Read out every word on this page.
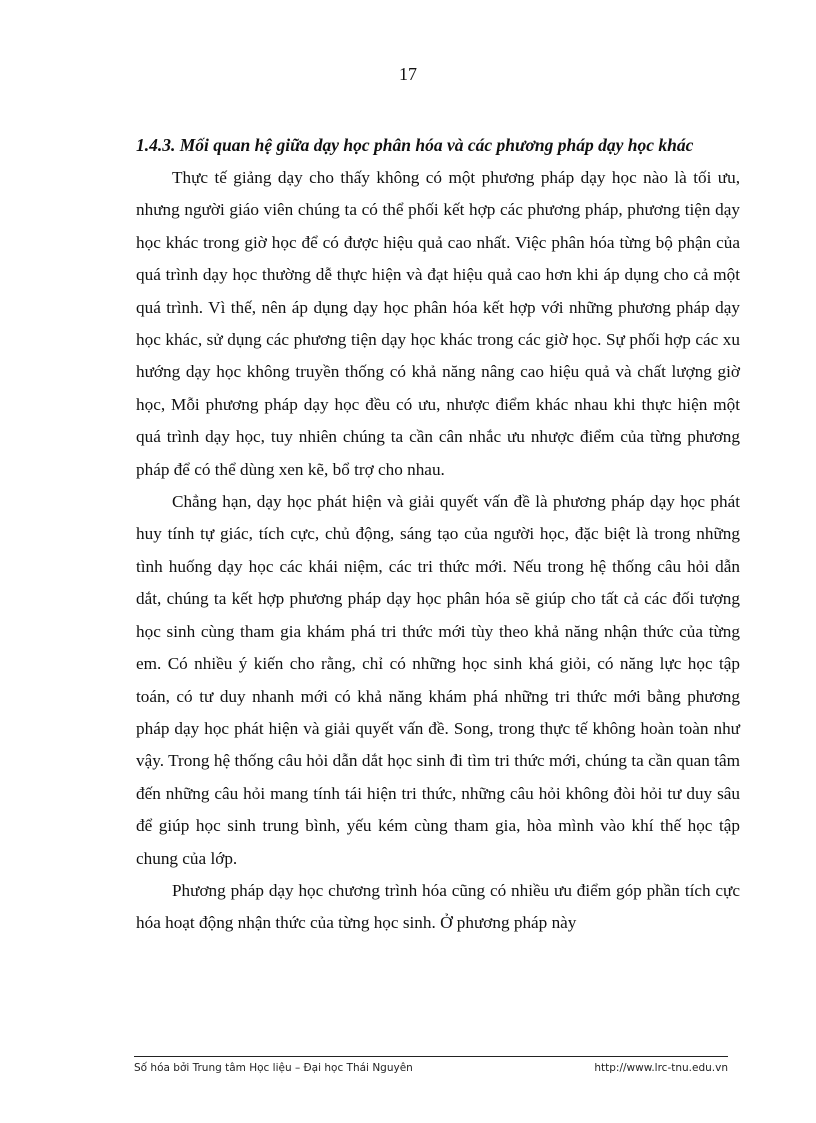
17

1.4.3. Mối quan hệ giữa dạy học phân hóa và các phương pháp dạy học khác

Thực tế giảng dạy cho thấy không có một phương pháp dạy học nào là tối ưu, nhưng người giáo viên chúng ta có thể phối kết hợp các phương pháp, phương tiện dạy học khác trong giờ học để có được hiệu quả cao nhất. Việc phân hóa từng bộ phận của quá trình dạy học thường dễ thực hiện và đạt hiệu quả cao hơn khi áp dụng cho cả một quá trình. Vì thế, nên áp dụng dạy học phân hóa kết hợp với những phương pháp dạy học khác, sử dụng các phương tiện dạy học khác trong các giờ học. Sự phối hợp các xu hướng dạy học không truyền thống có khả năng nâng cao hiệu quả và chất lượng giờ học, Mỗi phương pháp dạy học đều có ưu, nhược điểm khác nhau khi thực hiện một quá trình dạy học, tuy nhiên chúng ta cần cân nhắc ưu nhược điểm của từng phương pháp để có thể dùng xen kẽ, bổ trợ cho nhau.

Chẳng hạn, dạy học phát hiện và giải quyết vấn đề là phương pháp dạy học phát huy tính tự giác, tích cực, chủ động, sáng tạo của người học, đặc biệt là trong những tình huống dạy học các khái niệm, các tri thức mới. Nếu trong hệ thống câu hỏi dẫn dắt, chúng ta kết hợp phương pháp dạy học phân hóa sẽ giúp cho tất cả các đối tượng học sinh cùng tham gia khám phá tri thức mới tùy theo khả năng nhận thức của từng em. Có nhiều ý kiến cho rằng, chỉ có những học sinh khá giỏi, có năng lực học tập toán, có tư duy nhanh mới có khả năng khám phá những tri thức mới bằng phương pháp dạy học phát hiện và giải quyết vấn đề. Song, trong thực tế không hoàn toàn như vậy. Trong hệ thống câu hỏi dẫn dắt học sinh đi tìm tri thức mới, chúng ta cần quan tâm đến những câu hỏi mang tính tái hiện tri thức, những câu hỏi không đòi hỏi tư duy sâu để giúp học sinh trung bình, yếu kém cùng tham gia, hòa mình vào khí thế học tập chung của lớp.

Phương pháp dạy học chương trình hóa cũng có nhiều ưu điểm góp phần tích cực hóa hoạt động nhận thức của từng học sinh. Ở phương pháp này

Số hóa bởi Trung tâm Học liệu – Đại học Thái Nguyên	http://www.lrc-tnu.edu.vn
